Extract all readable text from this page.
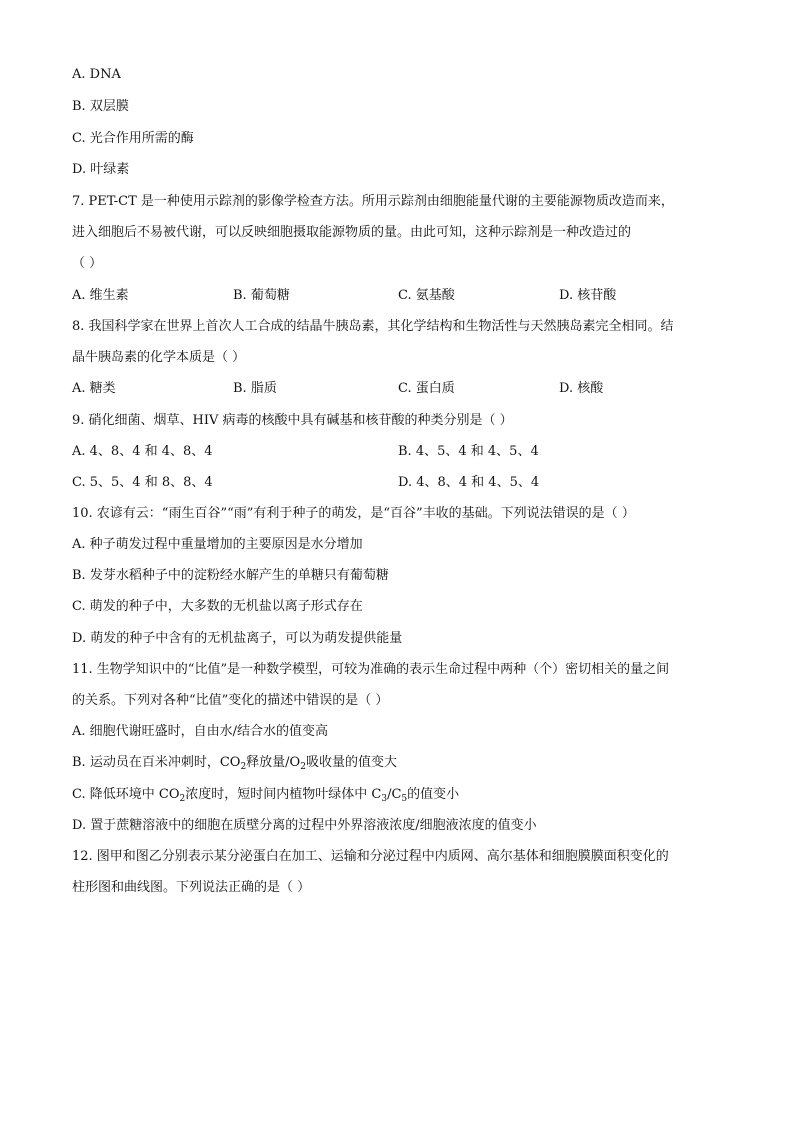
A. DNA
B. 双层膜
C. 光合作用所需的酶
D. 叶绿素
7. PET-CT 是一种使用示踪剂的影像学检查方法。所用示踪剂由细胞能量代谢的主要能源物质改造而来，
进入细胞后不易被代谢，可以反映细胞摄取能源物质的量。由此可知，这种示踪剂是一种改造过的
（ ）
A. 维生素	B. 葡萄糖	C. 氨基酸	D. 核苷酸
8. 我国科学家在世界上首次人工合成的结晶牛胰岛素，其化学结构和生物活性与天然胰岛素完全相同。结
晶牛胰岛素的化学本质是（ ）
A. 糖类	B. 脂质	C. 蛋白质	D. 核酸
9. 硝化细菌、烟草、HIV 病毒的核酸中具有碱基和核苷酸的种类分别是（ ）
A. 4、8、4 和 4、8、4	B. 4、5、4 和 4、5、4
C. 5、5、4 和 8、8、4	D. 4、8、4 和 4、5、4
10. 农谚有云：“雨生百谷”“雨”有利于种子的萌发，是“百谷”丰收的基础。下列说法错误的是（ ）
A. 种子萌发过程中重量增加的主要原因是水分增加
B. 发芽水稻种子中的淀粉经水解产生的单糖只有葡萄糖
C. 萌发的种子中，大多数的无机盐以离子形式存在
D. 萌发的种子中含有的无机盐离子，可以为萌发提供能量
11. 生物学知识中的“比值”是一种数学模型，可较为准确的表示生命过程中两种（个）密切相关的量之间
的关系。下列对各种“比值”变化的描述中错误的是（ ）
A. 细胞代谢旺盛时，自由水/结合水的值变高
B. 运动员在百米冲刺时，$CO_2$释放量$/O_2$吸收量的值变大
C. 降低环境中 $CO_2$浓度时，短时间内植物叶绿体中 $C_3/C_5$的值变小
D. 置于蔗糖溶液中的细胞在质壁分离的过程中外界溶液浓度/细胞液浓度的值变小
12. 图甲和图乙分别表示某分泌蛋白在加工、运输和分泌过程中内质网、高尔基体和细胞膜膜面积变化的
柱形图和曲线图。下列说法正确的是（ ）
